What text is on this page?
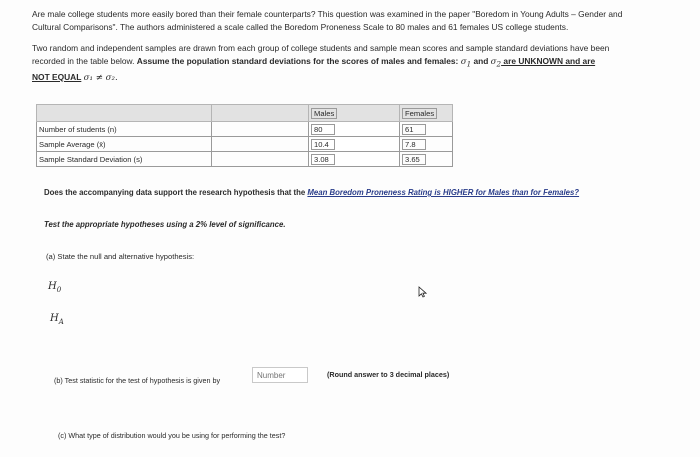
Are male college students more easily bored than their female counterparts? This question was examined in the paper "Boredom in Young Adults – Gender and Cultural Comparisons". The authors administered a scale called the Boredom Proneness Scale to 80 males and 61 females US college students.

Two random and independent samples are drawn from each group of college students and sample mean scores and sample standard deviations have been recorded in the table below. Assume the population standard deviations for the scores of males and females: $\sigma_1$ and $\sigma_2$ are UNKNOWN and are
NOT EQUAL σ₁ ≠ σ₂.

		Males	Females
Number of students (n)		80	61
Sample Average (x̄)		10.4	7.8
Sample Standard Deviation (s)		3.08	3.65
Does the accompanying data support the research hypothesis that the Mean Boredom Proneness Rating is HIGHER for Males than for Females?
Test the appropriate hypotheses using a 2% level of significance.
(a) State the null and alternative hypothesis:
$H_0$
$H_A$
(b) Test statistic for the test of hypothesis is given by
Number
(Round answer to 3 decimal places)
(c) What type of distribution would you be using for performing the test?
